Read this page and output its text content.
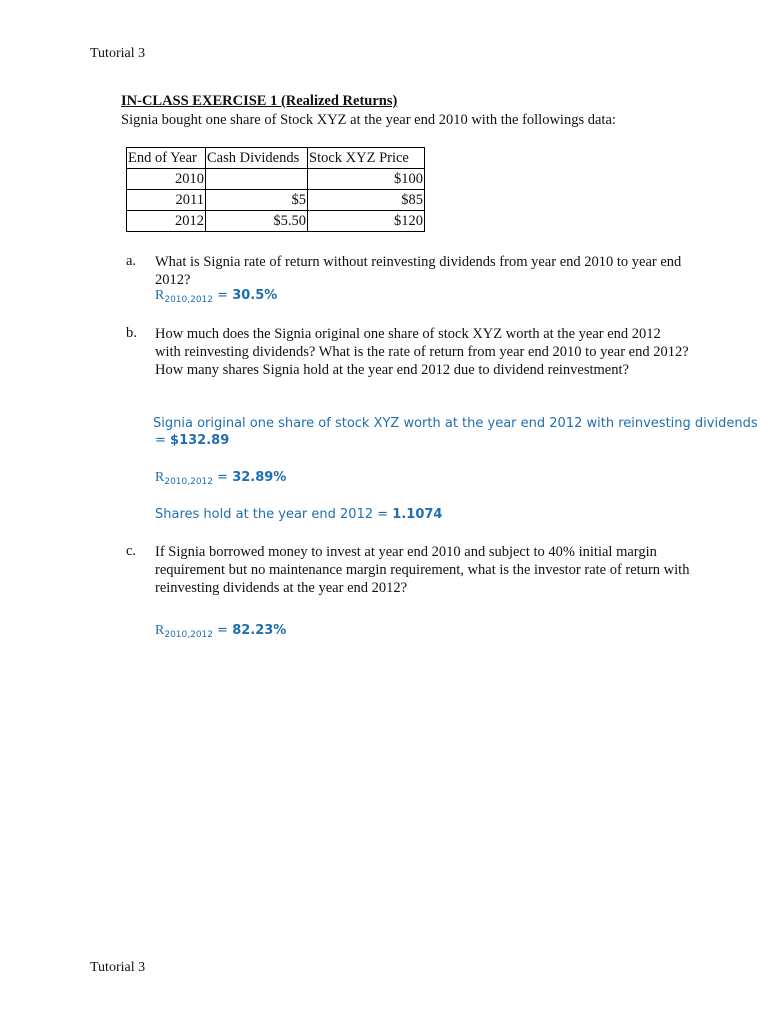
Tutorial 3
IN-CLASS EXERCISE 1 (Realized Returns)
Signia bought one share of Stock XYZ at the year end 2010 with the followings data:
End of Year	Cash Dividends	Stock XYZ Price
2010		$100
2011	$5	$85
2012	$5.50	$120
a. What is Signia rate of return without reinvesting dividends from year end 2010 to year end 2012?
$R_{2010,2012} = 30.5\%$
b. How much does the Signia original one share of stock XYZ worth at the year end 2012 with reinvesting dividends? What is the rate of return from year end 2010 to year end 2012? How many shares Signia hold at the year end 2012 due to dividend reinvestment?
Signia original one share of stock XYZ worth at the year end 2012 with reinvesting dividends
= $132.89
$R_{2010,2012} = 32.89\%$
Shares hold at the year end 2012 = 1.1074
c. If Signia borrowed money to invest at year end 2010 and subject to 40% initial margin requirement but no maintenance margin requirement, what is the investor rate of return with reinvesting dividends at the year end 2012?
$R_{2010,2012} = 82.23\%$
Tutorial 3
